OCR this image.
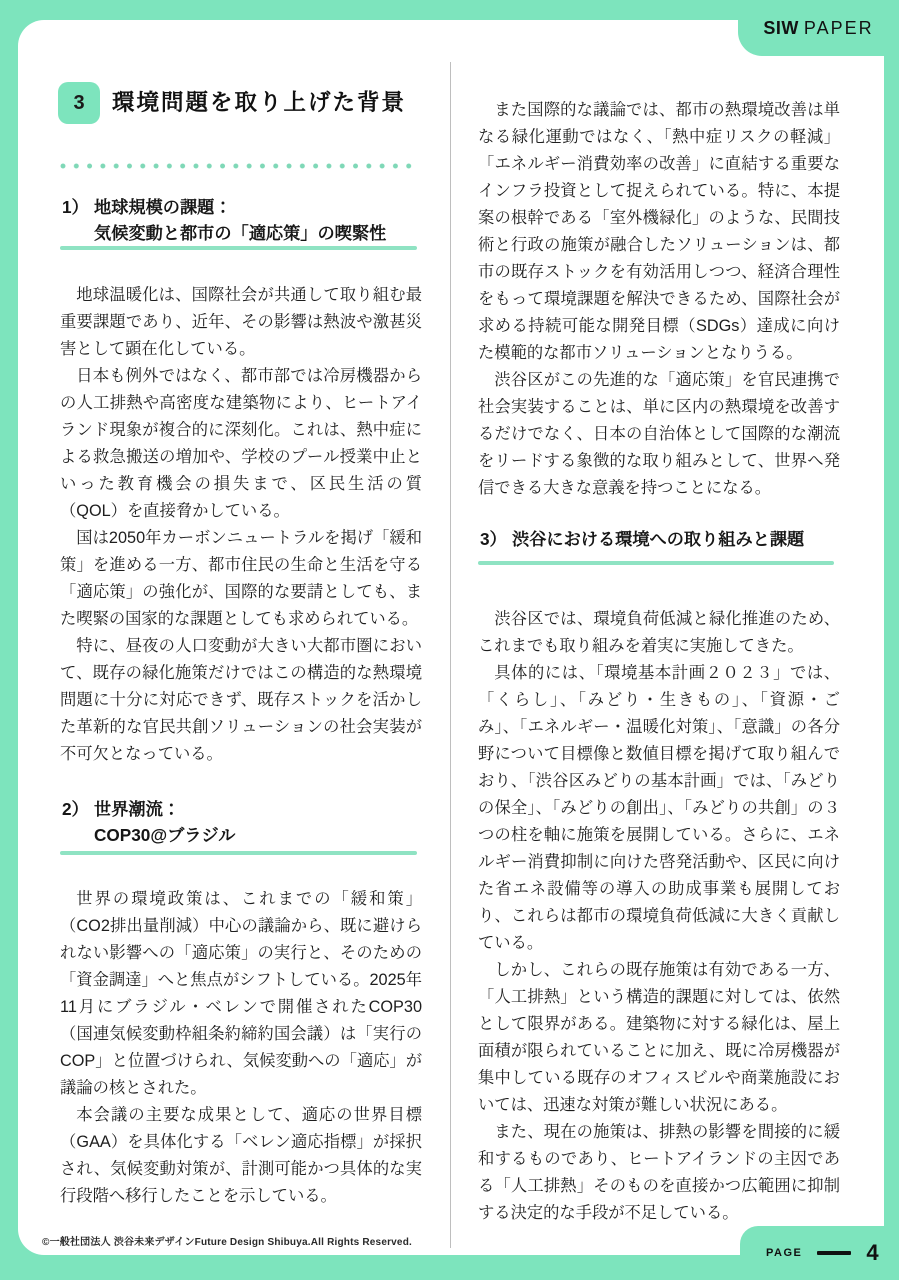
3 環境問題を取り上げた背景
1） 地球規模の課題：
気候変動と都市の「適応策」の喫緊性

地球温暖化は、国際社会が共通して取り組む最重要課題であり、近年、その影響は熱波や激甚災害として顕在化している。

日本も例外ではなく、都市部では冷房機器からの人工排熱や高密度な建築物により、ヒートアイランド現象が複合的に深刻化。これは、熱中症による救急搬送の増加や、学校のプール授業中止といった教育機会の損失まで、区民生活の質（QOL）を直接脅かしている。

国は2050年カーボンニュートラルを掲げ「緩和策」を進める一方、都市住民の生命と生活を守る「適応策」の強化が、国際的な要請としても、また喫緊の国家的な課題としても求められている。

特に、昼夜の人口変動が大きい大都市圏において、既存の緑化施策だけではこの構造的な熱環境問題に十分に対応できず、既存ストックを活かした革新的な官民共創ソリューションの社会実装が不可欠となっている。

2） 世界潮流：
COP30@ブラジル

世界の環境政策は、これまでの「緩和策」（CO2排出量削減）中心の議論から、既に避けられない影響への「適応策」の実行と、そのための「資金調達」へと焦点がシフトしている。2025年11月にブラジル・ベレンで開催されたCOP30（国連気候変動枠組条約締約国会議）は「実行のCOP」と位置づけられ、気候変動への「適応」が議論の核とされた。

本会議の主要な成果として、適応の世界目標（GAA）を具体化する「ベレン適応指標」が採択され、気候変動対策が、計測可能かつ具体的な実行段階へ移行したことを示している。

また国際的な議論では、都市の熱環境改善は単なる緑化運動ではなく、「熱中症リスクの軽減」「エネルギー消費効率の改善」に直結する重要なインフラ投資として捉えられている。特に、本提案の根幹である「室外機緑化」のような、民間技術と行政の施策が融合したソリューションは、都市の既存ストックを有効活用しつつ、経済合理性をもって環境課題を解決できるため、国際社会が求める持続可能な開発目標（SDGs）達成に向けた模範的な都市ソリューションとなりうる。

渋谷区がこの先進的な「適応策」を官民連携で社会実装することは、単に区内の熱環境を改善するだけでなく、日本の自治体として国際的な潮流をリードする象徴的な取り組みとして、世界へ発信できる大きな意義を持つことになる。

3） 渋谷における環境への取り組みと課題

渋谷区では、環境負荷低減と緑化推進のため、これまでも取り組みを着実に実施してきた。

具体的には、「環境基本計画２０２３」では、「くらし」、「みどり・生きもの」、「資源・ごみ」、「エネルギー・温暖化対策」、「意識」の各分野について目標像と数値目標を掲げて取り組んでおり、「渋谷区みどりの基本計画」では、「みどりの保全」、「みどりの創出」、「みどりの共創」の３つの柱を軸に施策を展開している。さらに、エネルギー消費抑制に向けた啓発活動や、区民に向けた省エネ設備等の導入の助成事業も展開しており、これらは都市の環境負荷低減に大きく貢献している。

しかし、これらの既存施策は有効である一方、「人工排熱」という構造的課題に対しては、依然として限界がある。建築物に対する緑化は、屋上面積が限られていることに加え、既に冷房機器が集中している既存のオフィスビルや商業施設においては、迅速な対策が難しい状況にある。

また、現在の施策は、排熱の影響を間接的に緩和するものであり、ヒートアイランドの主因である「人工排熱」そのものを直接かつ広範囲に抑制する決定的な手段が不足している。

©一般社団法人 渋谷未来デザインFuture Design Shibuya.All Rights Reserved.
SIW PAPER
PAGE	4
